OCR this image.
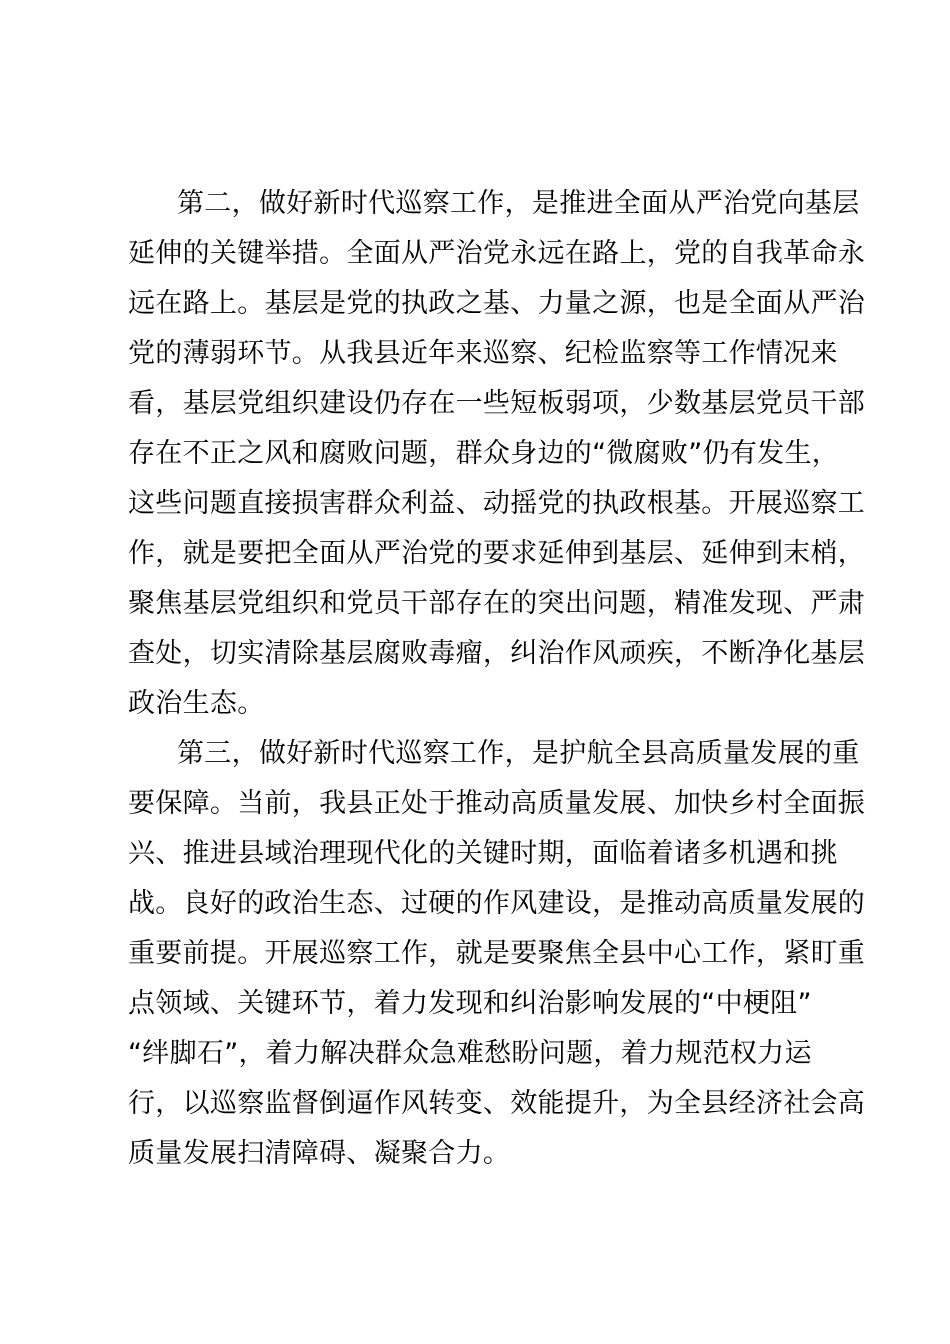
第二，做好新时代巡察工作，是推进全面从严治党向基层
延伸的关键举措。全面从严治党永远在路上，党的自我革命永
远在路上。基层是党的执政之基、力量之源，也是全面从严治
党的薄弱环节。从我县近年来巡察、纪检监察等工作情况来
看，基层党组织建设仍存在一些短板弱项，少数基层党员干部
存在不正之风和腐败问题，群众身边的“微腐败”仍有发生，
这些问题直接损害群众利益、动摇党的执政根基。开展巡察工
作，就是要把全面从严治党的要求延伸到基层、延伸到末梢，
聚焦基层党组织和党员干部存在的突出问题，精准发现、严肃
查处，切实清除基层腐败毒瘤，纠治作风顽疾，不断净化基层
政治生态。
第三，做好新时代巡察工作，是护航全县高质量发展的重
要保障。当前，我县正处于推动高质量发展、加快乡村全面振
兴、推进县域治理现代化的关键时期，面临着诸多机遇和挑
战。良好的政治生态、过硬的作风建设，是推动高质量发展的
重要前提。开展巡察工作，就是要聚焦全县中心工作，紧盯重
点领域、关键环节，着力发现和纠治影响发展的“中梗阻”
“绊脚石”，着力解决群众急难愁盼问题，着力规范权力运
行，以巡察监督倒逼作风转变、效能提升，为全县经济社会高
质量发展扫清障碍、凝聚合力。
